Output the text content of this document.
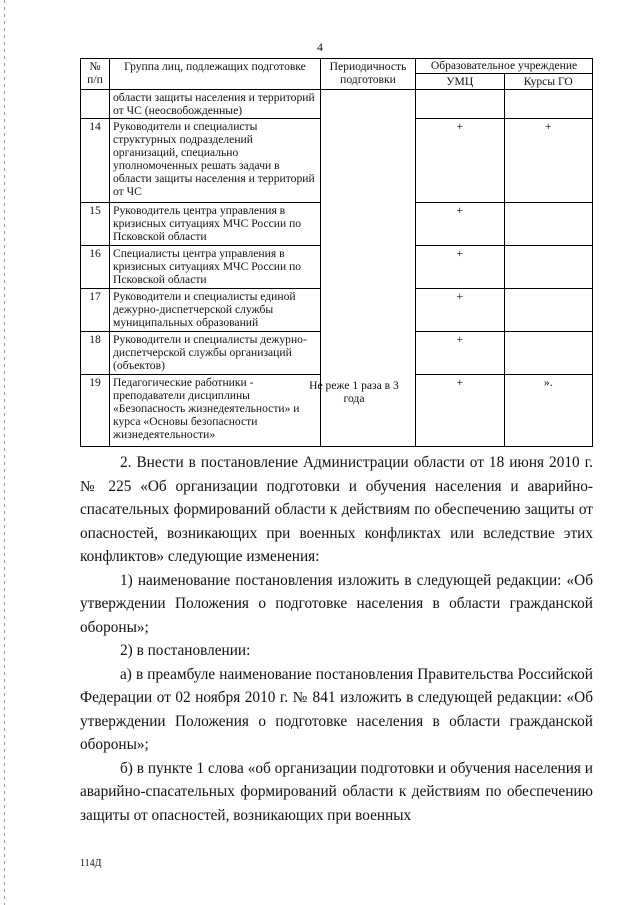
4
№ п/п	Группа лиц, подлежащих подготовке	Периодичность подготовки	Образовательное учреждение	
			УМЦ	Курсы ГО
	области защиты населения и территорий от ЧС (неосвобожденные)			
14	Руководители и специалисты структурных подразделений организаций, специально уполномоченных решать задачи в области защиты населения и территорий от ЧС		+	+
15	Руководитель центра управления в кризисных ситуациях МЧС России по Псковской области		+	
16	Специалисты центра управления в кризисных ситуациях МЧС России по Псковской области		+	
17	Руководители и специалисты единой дежурно-диспетчерской службы муниципальных образований		+	
18	Руководители и специалисты дежурно-диспетчерской службы организаций (объектов)		+	
19	Педагогические работники - преподаватели дисциплины «Безопасность жизнедеятельности» и курса «Основы безопасности жизнедеятельности»		+	».
Не реже 1 раза в 3 года

2. Внести в постановление Администрации области от 18 июня 2010 г. № 225 «Об организации подготовки и обучения населения и аварийно-спасательных формирований области к действиям по обеспечению защиты от опасностей, возникающих при военных конфликтах или вследствие этих конфликтов» следующие изменения:

1) наименование постановления изложить в следующей редакции: «Об утверждении Положения о подготовке населения в области гражданской обороны»;

2) в постановлении:

а) в преамбуле наименование постановления Правительства Российской Федерации от 02 ноября 2010 г. № 841 изложить в следующей редакции: «Об утверждении Положения о подготовке населения в области гражданской обороны»;

б) в пункте 1 слова «об организации подготовки и обучения населения и аварийно-спасательных формирований области к действиям по обеспечению защиты от опасностей, возникающих при военных

114Д
